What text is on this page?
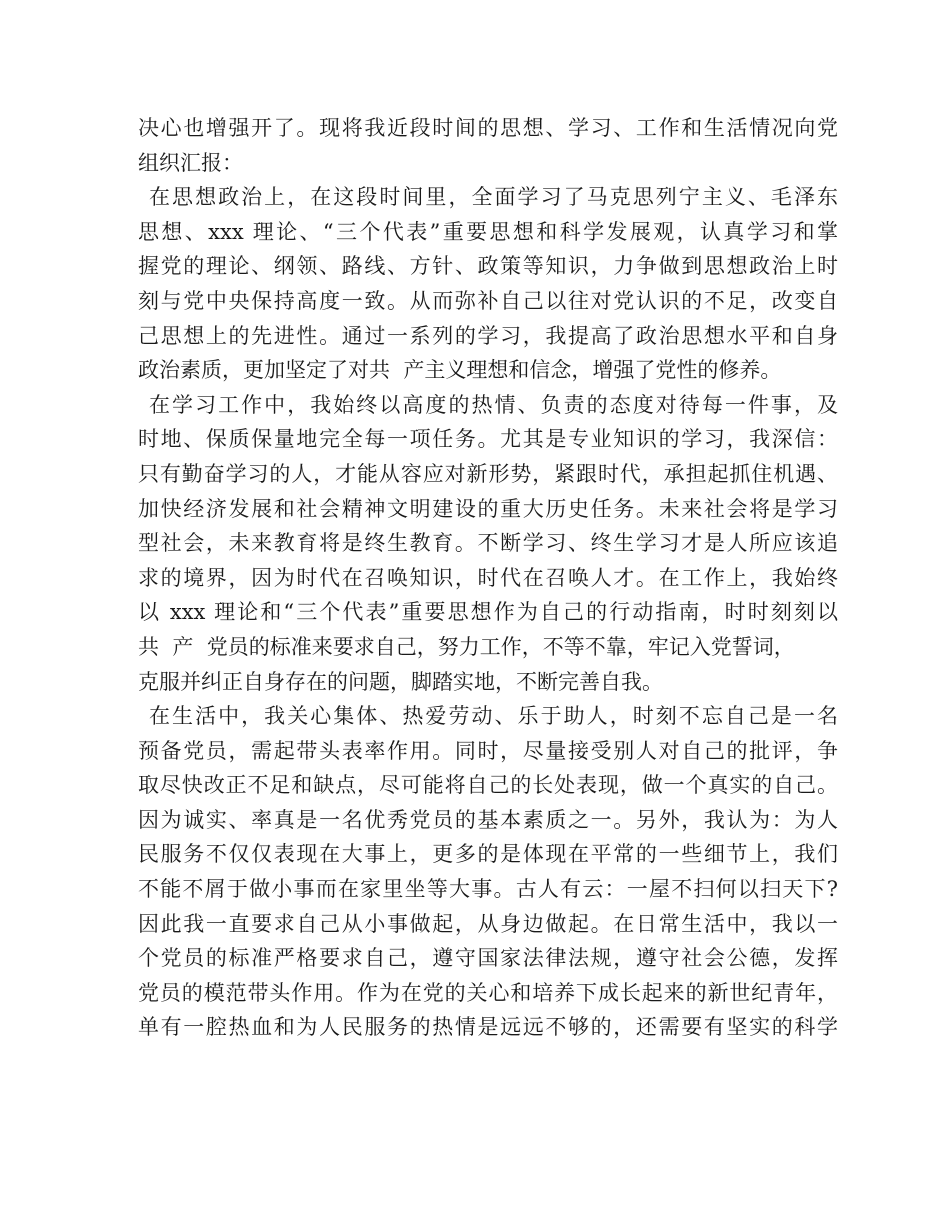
决心也增强开了。现将我近段时间的思想、学习、工作和生活情况向党
组织汇报：
在思想政治上，在这段时间里，全面学习了马克思列宁主义、毛泽东
思想、xxx 理论、“三个代表”重要思想和科学发展观，认真学习和掌
握党的理论、纲领、路线、方针、政策等知识，力争做到思想政治上时
刻与党中央保持高度一致。从而弥补自己以往对党认识的不足，改变自
己思想上的先进性。通过一系列的学习，我提高了政治思想水平和自身
政治素质，更加坚定了对共  产主义理想和信念，增强了党性的修养。
在学习工作中，我始终以高度的热情、负责的态度对待每一件事，及
时地、保质保量地完全每一项任务。尤其是专业知识的学习，我深信：
只有勤奋学习的人，才能从容应对新形势，紧跟时代，承担起抓住机遇、
加快经济发展和社会精神文明建设的重大历史任务。未来社会将是学习
型社会，未来教育将是终生教育。不断学习、终生学习才是人所应该追
求的境界，因为时代在召唤知识，时代在召唤人才。在工作上，我始终
以 xxx 理论和“三个代表”重要思想作为自己的行动指南，时时刻刻以
共  产  党员的标准来要求自己，努力工作，不等不靠，牢记入党誓词，
克服并纠正自身存在的问题，脚踏实地，不断完善自我。
在生活中，我关心集体、热爱劳动、乐于助人，时刻不忘自己是一名
预备党员，需起带头表率作用。同时，尽量接受别人对自己的批评，争
取尽快改正不足和缺点，尽可能将自己的长处表现，做一个真实的自己。
因为诚实、率真是一名优秀党员的基本素质之一。另外，我认为：为人
民服务不仅仅表现在大事上，更多的是体现在平常的一些细节上，我们
不能不屑于做小事而在家里坐等大事。古人有云：一屋不扫何以扫天下?
因此我一直要求自己从小事做起，从身边做起。在日常生活中，我以一
个党员的标准严格要求自己，遵守国家法律法规，遵守社会公德，发挥
党员的模范带头作用。作为在党的关心和培养下成长起来的新世纪青年，
单有一腔热血和为人民服务的热情是远远不够的，还需要有坚实的科学
